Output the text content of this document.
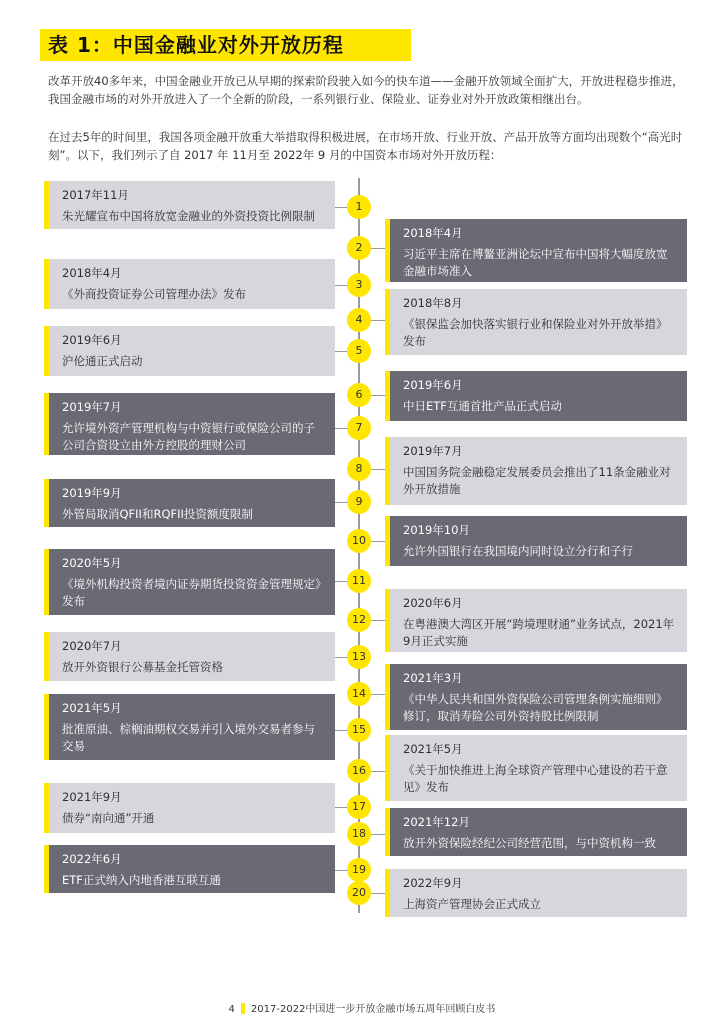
表 1：中国金融业对外开放历程

改革开放40多年来，中国金融业开放已从早期的探索阶段驶入如今的快车道——金融开放领域全面扩大，开放进程稳步推进，我国金融市场的对外开放进入了一个全新的阶段，一系列银行业、保险业、证券业对外开放政策相继出台。

在过去5年的时间里，我国各项金融开放重大举措取得积极进展，在市场开放、行业开放、产品开放等方面均出现数个“高光时刻”。以下，我们列示了自 2017 年 11月至 2022年 9 月的中国资本市场对外开放历程：

2017年11月
朱光耀宣布中国将放宽金融业的外资投资比例限制
1
2018年4月
习近平主席在博鳌亚洲论坛中宣布中国将大幅度放宽金融市场准入
2
2018年4月
《外商投资证券公司管理办法》发布
3
2018年8月
《银保监会加快落实银行业和保险业对外开放举措》发布
4
2019年6月
沪伦通正式启动
5
2019年6月
中日ETF互通首批产品正式启动
6
2019年7月
允许境外资产管理机构与中资银行或保险公司的子公司合资设立由外方控股的理财公司
7
2019年7月
中国国务院金融稳定发展委员会推出了11条金融业对外开放措施
8
2019年9月
外管局取消QFII和RQFII投资额度限制
9
2019年10月
允许外国银行在我国境内同时设立分行和子行
10
2020年5月
《境外机构投资者境内证券期货投资资金管理规定》发布
11
2020年6月
在粤港澳大湾区开展“跨境理财通”业务试点，2021年9月正式实施
12
2020年7月
放开外资银行公募基金托管资格
13
2021年3月
《中华人民共和国外资保险公司管理条例实施细则》修订，取消寿险公司外资持股比例限制
14
2021年5月
批准原油、棕榈油期权交易并引入境外交易者参与交易
15
2021年5月
《关于加快推进上海全球资产管理中心建设的若干意见》发布
16
2021年9月
债券“南向通”开通
17
2021年12月
放开外资保险经纪公司经营范围，与中资机构一致
18
2022年6月
ETF正式纳入内地香港互联互通
19
2022年9月
上海资产管理协会正式成立
20
4 2017-2022中国进一步开放金融市场五周年回顾白皮书
